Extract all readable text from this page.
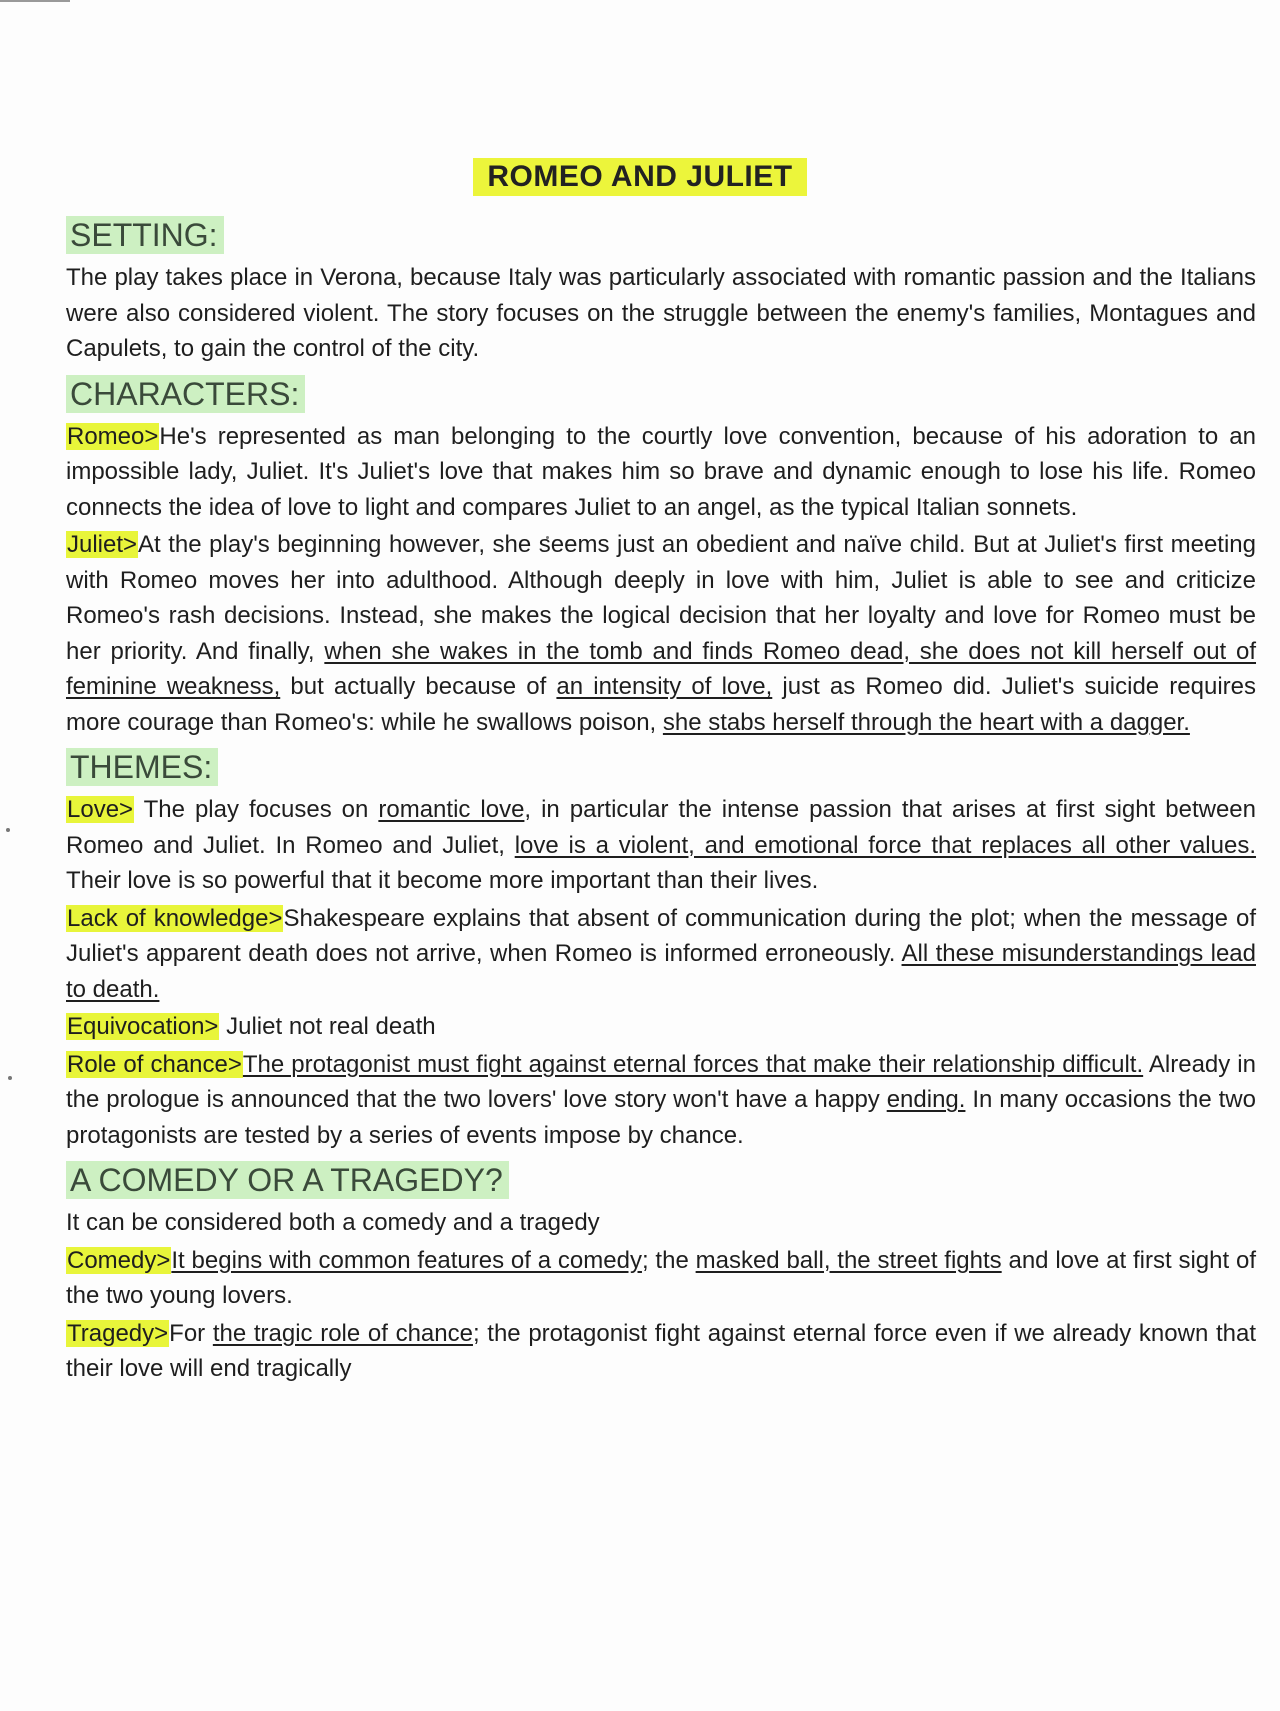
ROMEO AND JULIET
SETTING:

The play takes place in Verona, because Italy was particularly associated with romantic passion and the Italians were also considered violent. The story focuses on the struggle between the enemy's families, Montagues and Capulets, to gain the control of the city.

CHARACTERS:

Romeo>He's represented as man belonging to the courtly love convention, because of his adoration to an impossible lady, Juliet. It's Juliet's love that makes him so brave and dynamic enough to lose his life. Romeo connects the idea of love to light and compares Juliet to an angel, as the typical Italian sonnets.

Juliet>At the play's beginning however, she seems just an obedient and naïve child. But at Juliet's first meeting with Romeo moves her into adulthood. Although deeply in love with him, Juliet is able to see and criticize Romeo's rash decisions. Instead, she makes the logical decision that her loyalty and love for Romeo must be her priority. And finally, when she wakes in the tomb and finds Romeo dead, she does not kill herself out of feminine weakness, but actually because of an intensity of love, just as Romeo did. Juliet's suicide requires more courage than Romeo's: while he swallows poison, she stabs herself through the heart with a dagger.

THEMES:

Love> The play focuses on romantic love, in particular the intense passion that arises at first sight between Romeo and Juliet. In Romeo and Juliet, love is a violent, and emotional force that replaces all other values. Their love is so powerful that it become more important than their lives.

Lack of knowledge>Shakespeare explains that absent of communication during the plot; when the message of Juliet's apparent death does not arrive, when Romeo is informed erroneously. All these misunderstandings lead to death.

Equivocation> Juliet not real death

Role of chance>The protagonist must fight against eternal forces that make their relationship difficult. Already in the prologue is announced that the two lovers' love story won't have a happy ending. In many occasions the two protagonists are tested by a series of events impose by chance.

A COMEDY OR A TRAGEDY?

It can be considered both a comedy and a tragedy

Comedy>It begins with common features of a comedy; the masked ball, the street fights and love at first sight of the two young lovers.

Tragedy>For the tragic role of chance; the protagonist fight against eternal force even if we already known that their love will end tragically
